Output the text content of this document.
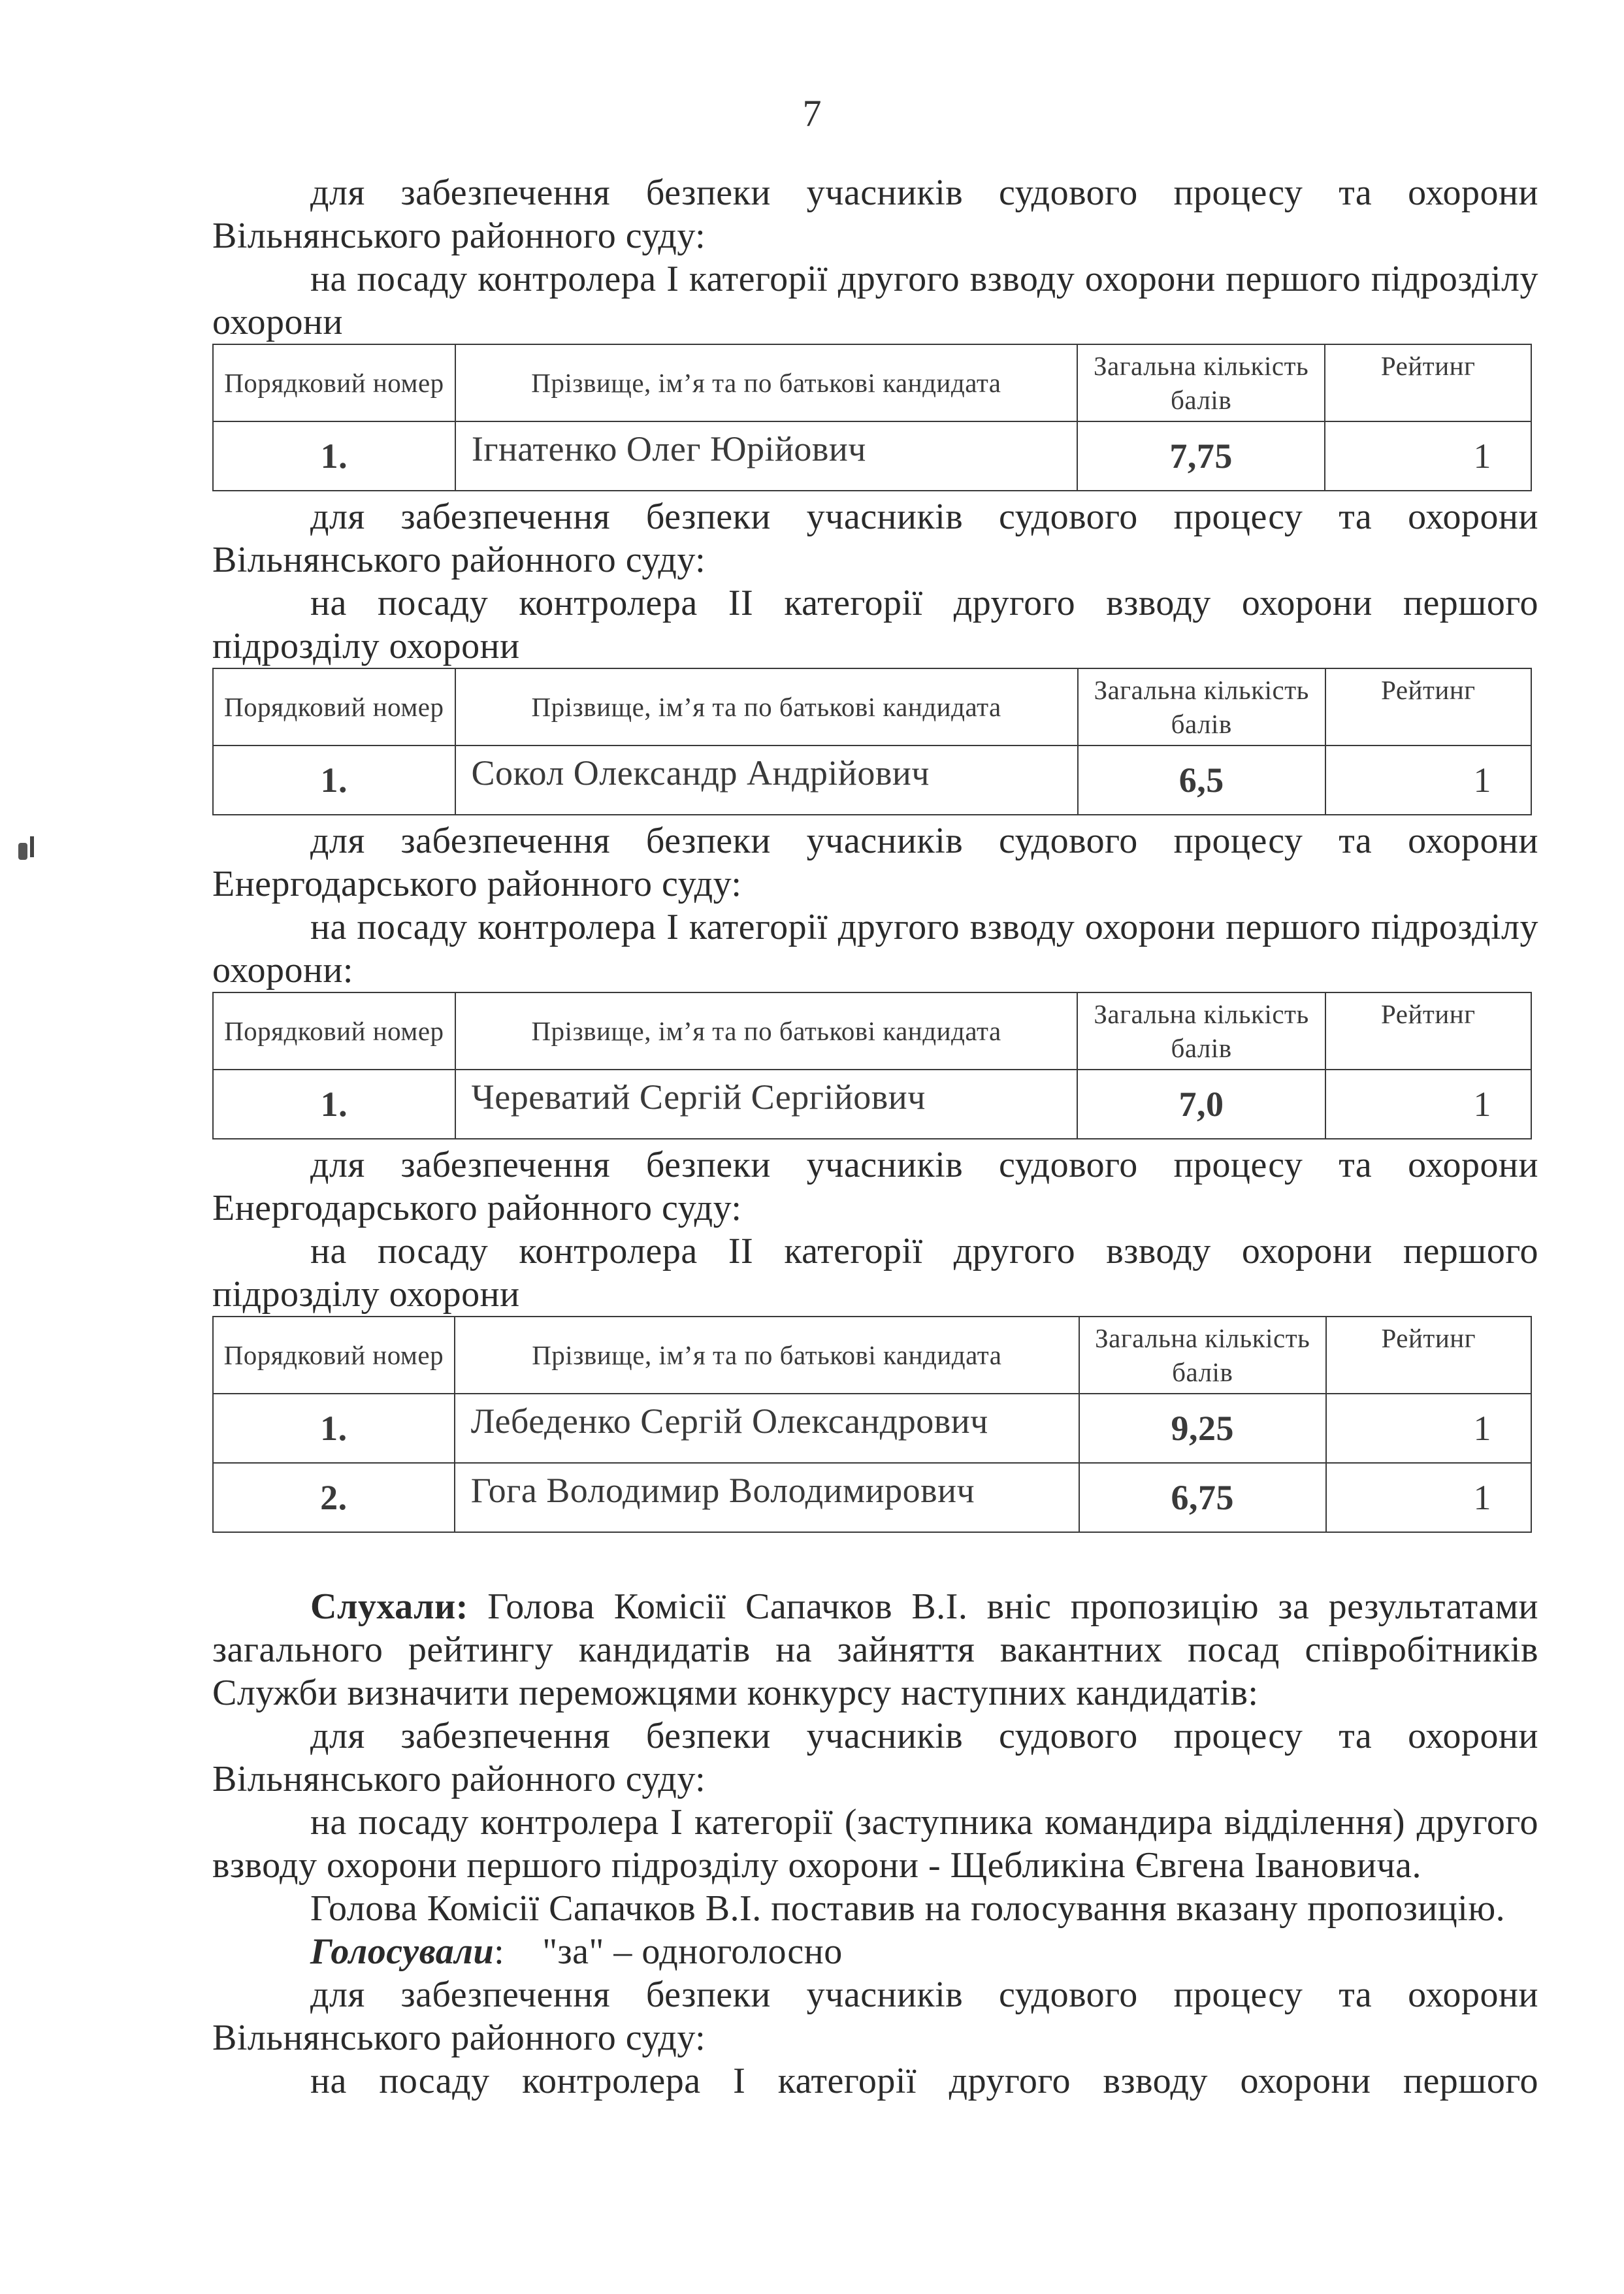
7

для забезпечення безпеки учасників судового процесу та охорони Вільнянського районного суду:

на посаду контролера I категорії другого взводу охорони першого підрозділу охорони

Порядковий номер	Прізвище, ім’я та по батькові кандидата	Загальна кількість балів	Рейтинг
1.	Ігнатенко Олег Юрійович	7,75	1

для забезпечення безпеки учасників судового процесу та охорони Вільнянського районного суду:

на посаду контролера II категорії другого взводу охорони першого підрозділу охорони

Порядковий номер	Прізвище, ім’я та по батькові кандидата	Загальна кількість балів	Рейтинг
1.	Сокол Олександр Андрійович	6,5	1

для забезпечення безпеки учасників судового процесу та охорони Енергодарського районного суду:

на посаду контролера I категорії другого взводу охорони першого підрозділу охорони:

Порядковий номер	Прізвище, ім’я та по батькові кандидата	Загальна кількість балів	Рейтинг
1.	Череватий Сергій Сергійович	7,0	1

для забезпечення безпеки учасників судового процесу та охорони Енергодарського районного суду:

на посаду контролера II категорії другого взводу охорони першого підрозділу охорони

Порядковий номер	Прізвище, ім’я та по батькові кандидата	Загальна кількість балів	Рейтинг
1.	Лебеденко Сергій Олександрович	9,25	1
2.	Гога Володимир Володимирович	6,75	1

Слухали: Голова Комісії Сапачков В.І. вніс пропозицію за результатами загального рейтингу кандидатів на зайняття вакантних посад співробітників Служби визначити переможцями конкурсу наступних кандидатів:

для забезпечення безпеки учасників судового процесу та охорони Вільнянського районного суду:

на посаду контролера I категорії (заступника командира відділення) другого взводу охорони першого підрозділу охорони - Щебликіна Євгена Івановича.

Голова Комісії Сапачков В.І. поставив на голосування вказану пропозицію.

Голосували: "за" – одноголосно

для забезпечення безпеки учасників судового процесу та охорони Вільнянського районного суду:

на посаду контролера I категорії другого взводу охорони першого
